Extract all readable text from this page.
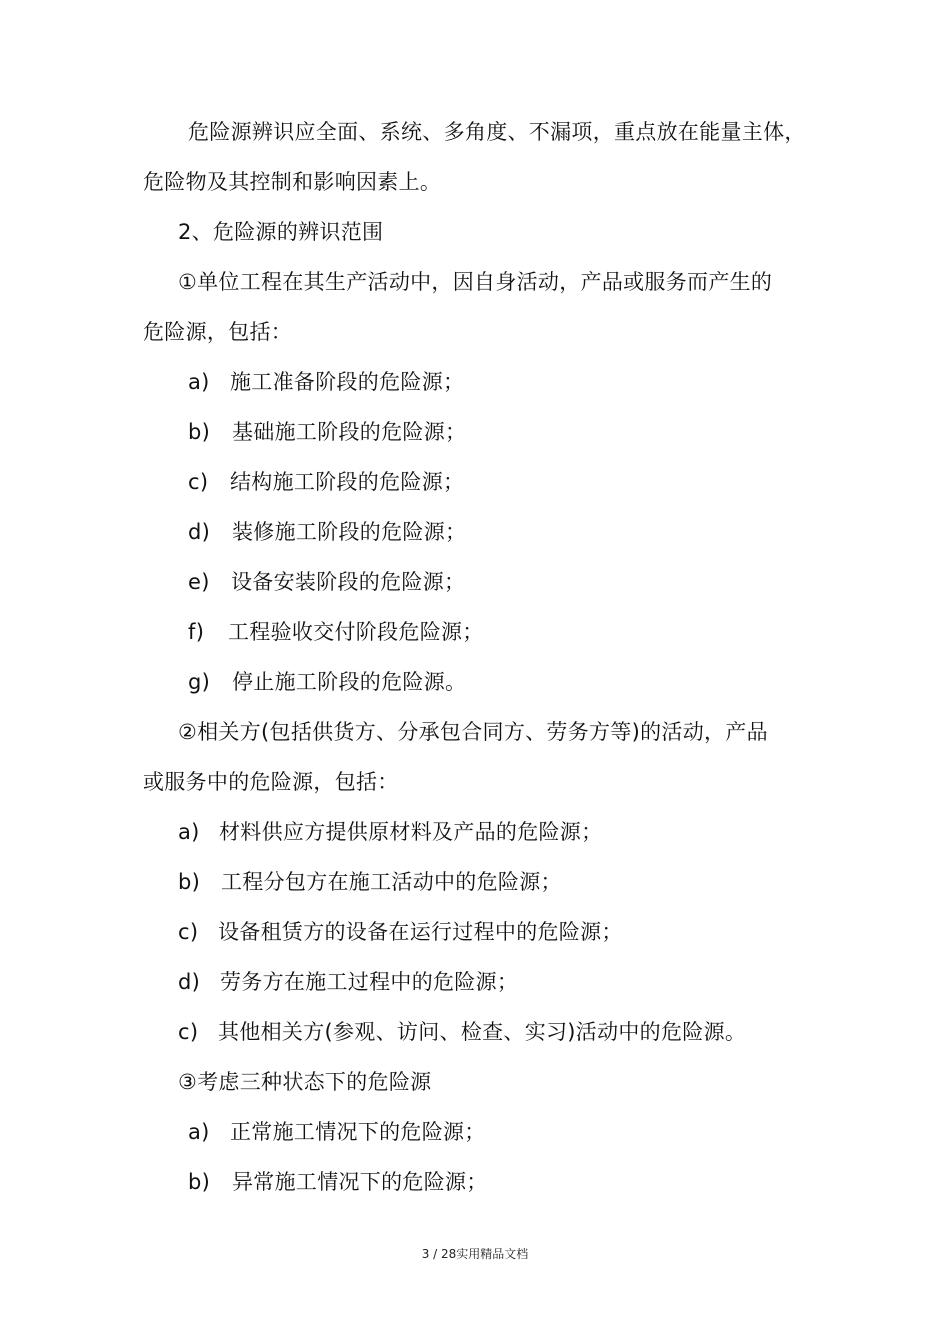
危险源辨识应全面、系统、多角度、不漏项，重点放在能量主体，
危险物及其控制和影响因素上。
2、危险源的辨识范围
①单位工程在其生产活动中，因自身活动，产品或服务而产生的
危险源，包括：
a) 施工准备阶段的危险源；
b) 基础施工阶段的危险源；
c) 结构施工阶段的危险源；
d) 装修施工阶段的危险源；
e) 设备安装阶段的危险源；
f) 工程验收交付阶段危险源；
g) 停止施工阶段的危险源。
②相关方(包括供货方、分承包合同方、劳务方等)的活动，产品
或服务中的危险源，包括：
a) 材料供应方提供原材料及产品的危险源；
b) 工程分包方在施工活动中的危险源；
c) 设备租赁方的设备在运行过程中的危险源；
d) 劳务方在施工过程中的危险源；
c) 其他相关方(参观、访问、检查、实习)活动中的危险源。
③考虑三种状态下的危险源
a) 正常施工情况下的危险源；
b) 异常施工情况下的危险源；
3 / 28实用精品文档
